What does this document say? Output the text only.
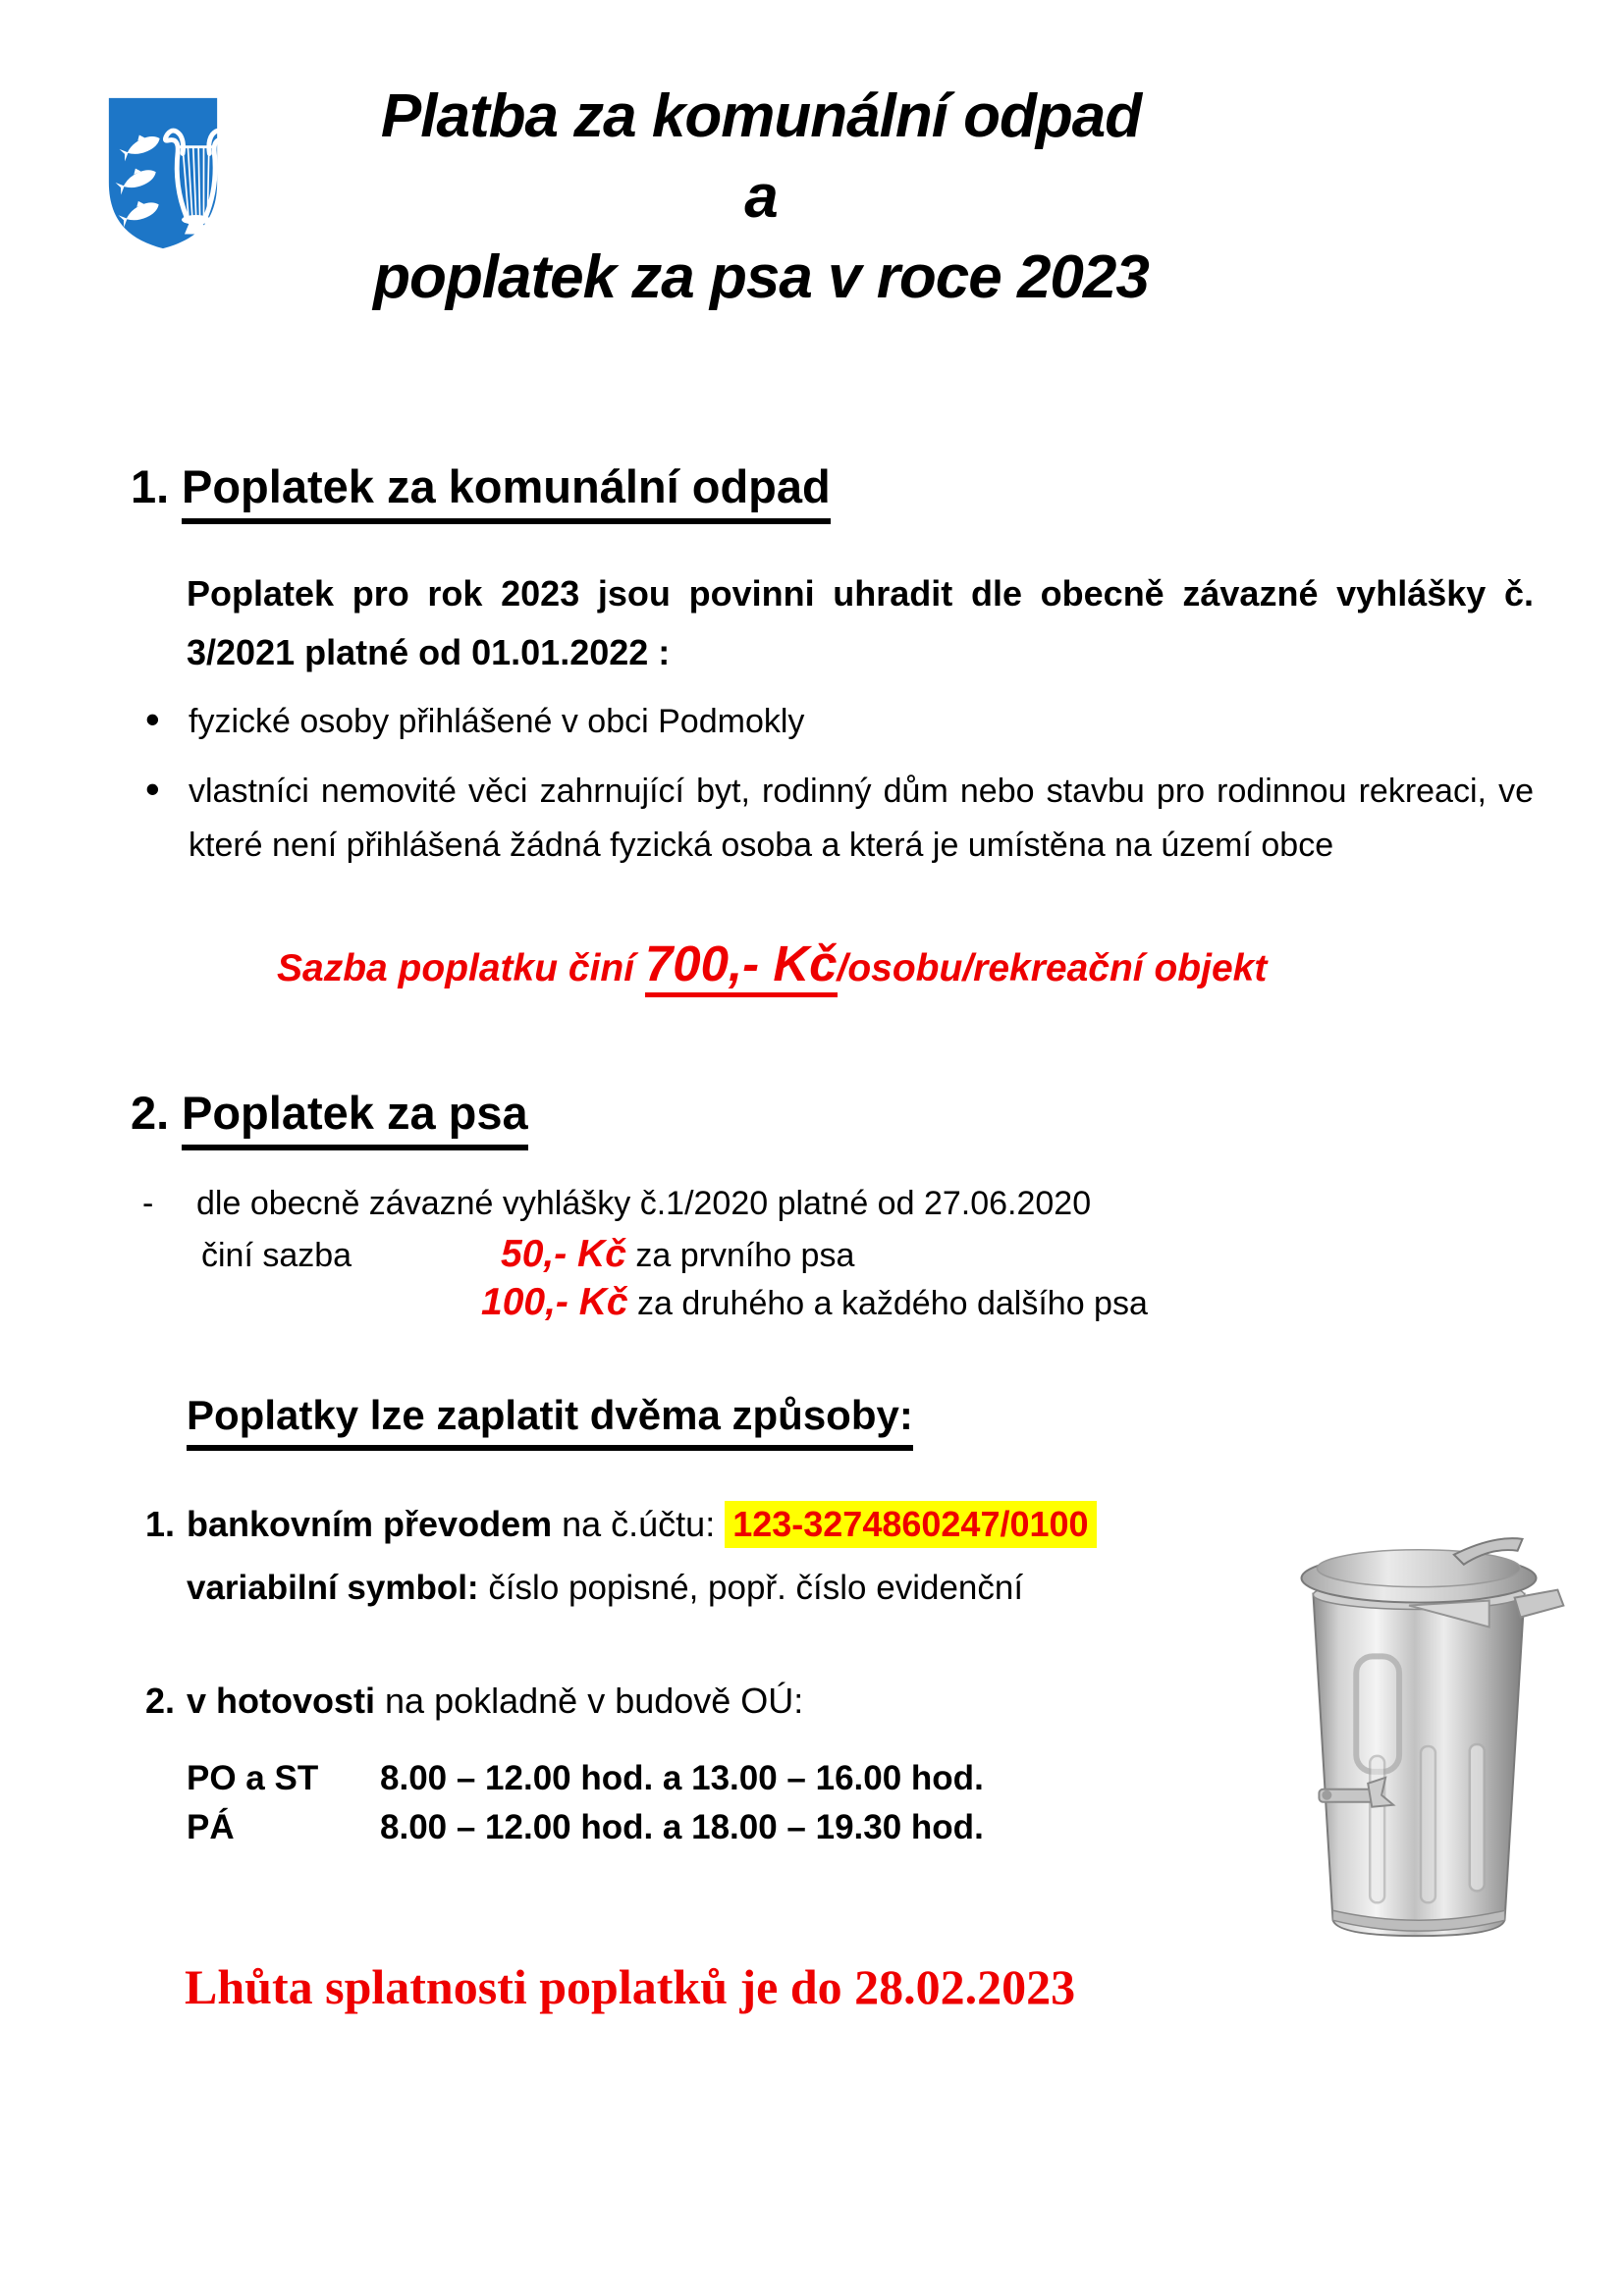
Platba za komunální odpad
a
poplatek za psa v roce 2023
1. Poplatek za komunální odpad

Poplatek pro rok 2023 jsou povinni uhradit dle obecně závazné vyhlášky č. 3/2021 platné od 01.01.2022 :

• fyzické osoby přihlášené v obci Podmokly
• vlastníci nemovité věci zahrnující byt, rodinný dům nebo stavbu pro rodinnou rekreaci, ve které není přihlášená žádná fyzická osoba a která je umístěna na území obce
Sazba poplatku činí 700,- Kč/osobu/rekreační objekt
2. Poplatek za psa
- dle obecně závazné vyhlášky č.1/2020 platné od 27.06.2020
činí sazba	50,- Kč za prvního psa
100,- Kč za druhého a každého dalšího psa
Poplatky lze zaplatit dvěma způsoby:
1. bankovním převodem na č.účtu: 123-3274860247/0100
variabilní symbol: číslo popisné, popř. číslo evidenční
2. v hotovosti na pokladně v budově OÚ:
PO a ST 8.00 – 12.00 hod. a 13.00 – 16.00 hod.
PÁ	8.00 – 12.00 hod. a 18.00 – 19.30 hod.
Lhůta splatnosti poplatků je do 28.02.2023
